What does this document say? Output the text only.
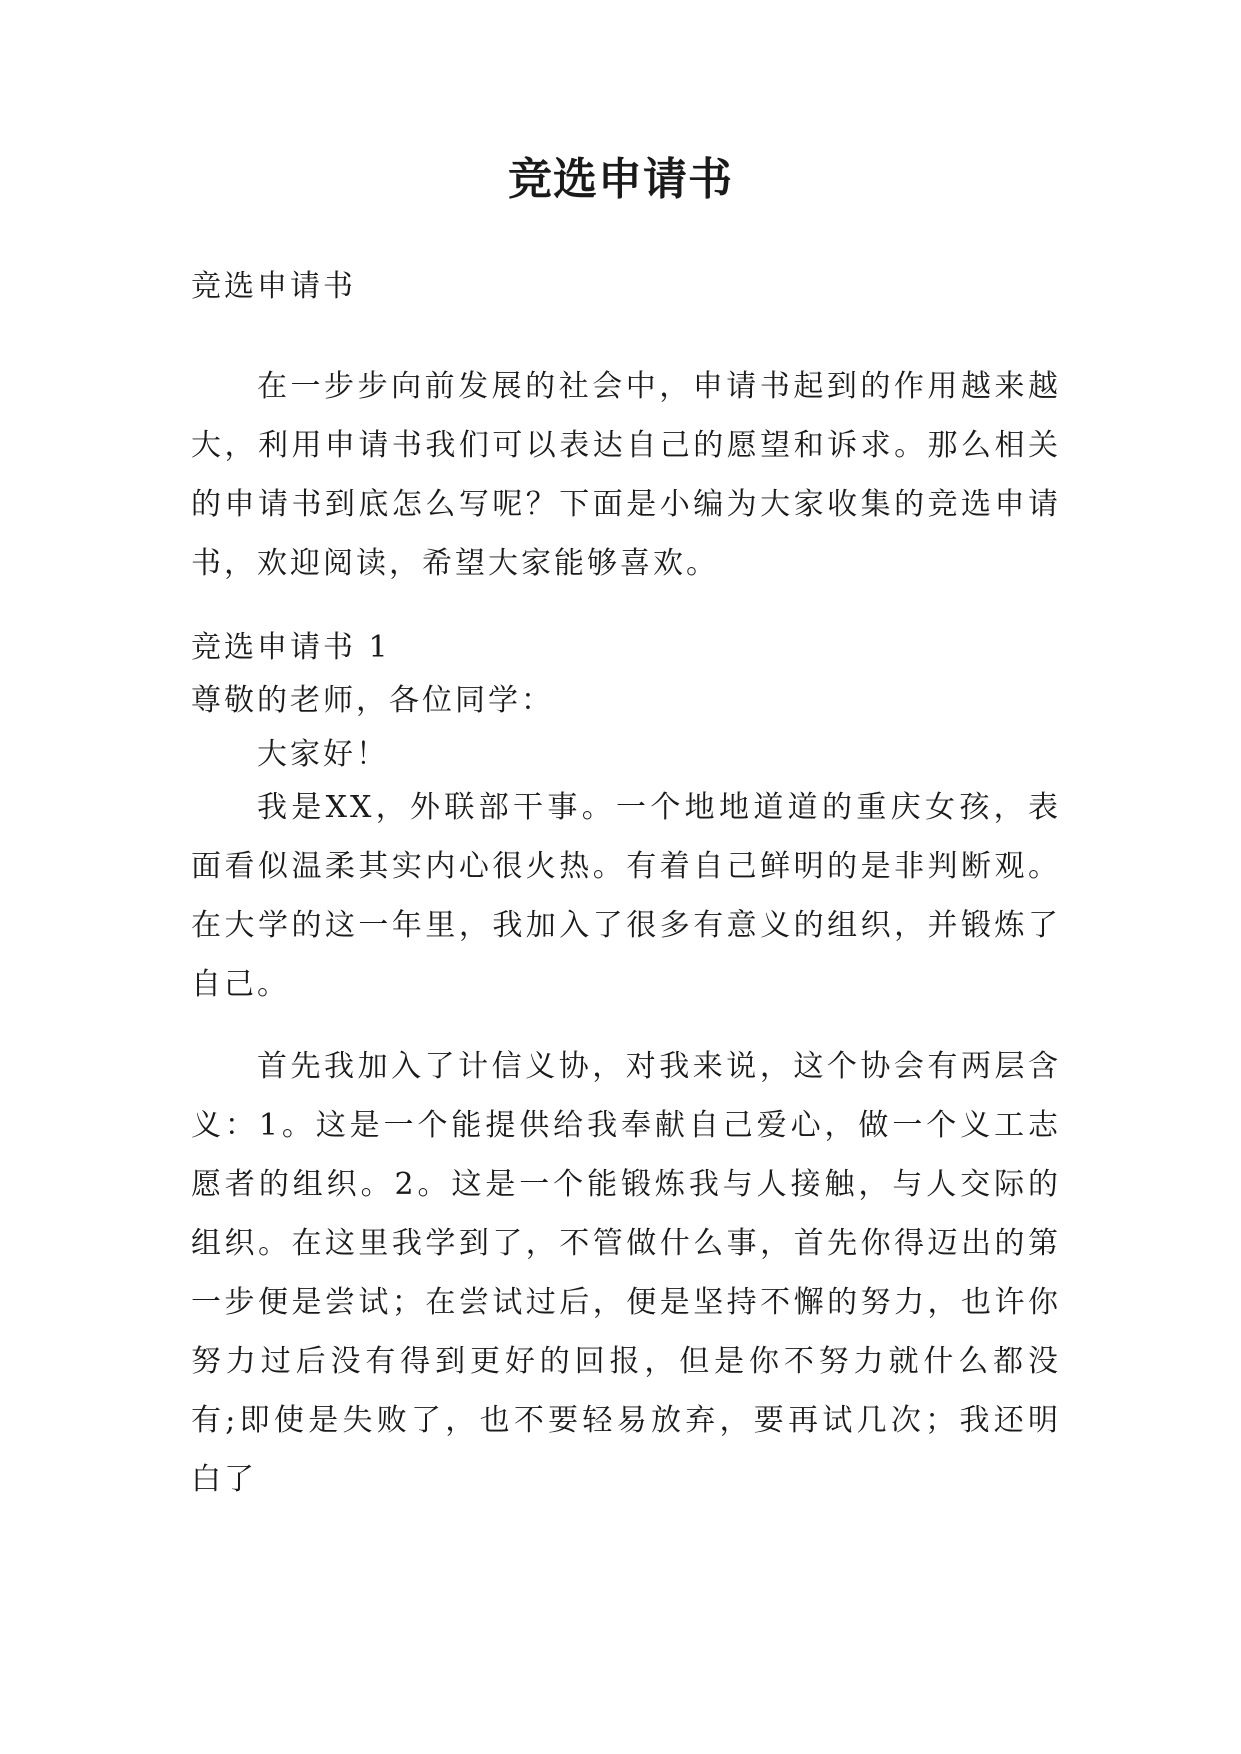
竞选申请书

竞选申请书

在一步步向前发展的社会中，申请书起到的作用越来越大，利用申请书我们可以表达自己的愿望和诉求。那么相关的申请书到底怎么写呢？下面是小编为大家收集的竞选申请书，欢迎阅读，希望大家能够喜欢。

竞选申请书 1

尊敬的老师，各位同学：

大家好！

我是XX，外联部干事。一个地地道道的重庆女孩，表面看似温柔其实内心很火热。有着自己鲜明的是非判断观。在大学的这一年里，我加入了很多有意义的组织，并锻炼了自己。

首先我加入了计信义协，对我来说，这个协会有两层含义：1。这是一个能提供给我奉献自己爱心，做一个义工志愿者的组织。2。这是一个能锻炼我与人接触，与人交际的组织。在这里我学到了，不管做什么事，首先你得迈出的第一步便是尝试；在尝试过后，便是坚持不懈的努力，也许你努力过后没有得到更好的回报，但是你不努力就什么都没有;即使是失败了，也不要轻易放弃，要再试几次；我还明白了
